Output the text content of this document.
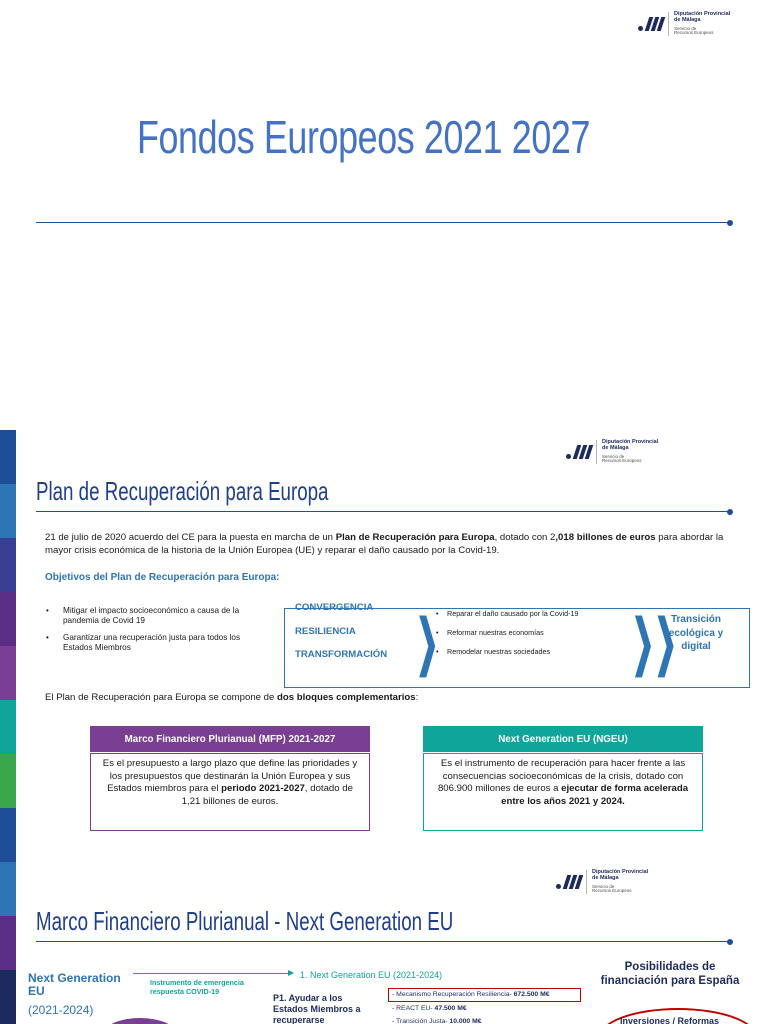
Diputación Provincial
de Málaga
Servicio de
Recursos Europeos
Fondos Europeos 2021 2027
Diputación Provincial
de Málaga
Servicio de
Recursos Europeos
Plan de Recuperación para Europa
21 de julio de 2020 acuerdo del CE para la puesta en marcha de un Plan de Recuperación para Europa, dotado con 2,018 billones de euros para abordar la mayor crisis económica de la historia de la Unión Europea (UE) y reparar el daño causado por la Covid-19.
Objetivos del Plan de Recuperación para Europa:
• Mitigar el impacto socioeconómico a causa de la pandemia de Covid 19
• Garantizar una recuperación justa para todos los Estados Miembros
CONVERGENCIA
RESILIENCIA
TRANSFORMACIÓN ❯
•	Reparar el daño causado por la Covid-19
• Reformar nuestras economías
• Remodelar nuestras sociedades	❯❯
Transición ecológica y digital
El Plan de Recuperación para Europa se compone de dos bloques complementarios:
Marco Financiero Plurianual (MFP) 2021-2027
Es el presupuesto a largo plazo que define las prioridades y los presupuestos que destinarán la Unión Europea y sus Estados miembros para el periodo 2021-2027, dotado de 1,21 billones de euros.
Next Generation EU (NGEU)
Es el instrumento de recuperación para hacer frente a las consecuencias socioeconómicas de la crisis, dotado con 806.900 millones de euros a ejecutar de forma acelerada entre los años 2021 y 2024.
Diputación Provincial
de Málaga
Servicio de
Recursos Europeos
Marco Financiero Plurianual - Next Generation EU
Next Generation EU
(2021-2024)
Instrumento de emergencia respuesta COVID-19
1. Next Generation EU (2021-2024)
P1. Ayudar a los Estados Miembros a recuperarse
- Mecanismo Recuperación Resiliencia- 672.500 M€
- REACT EU- 47.500 M€
- Transición Justa- 10.000 M€
Posibilidades de financiación para España
Inversiones / Reformas
